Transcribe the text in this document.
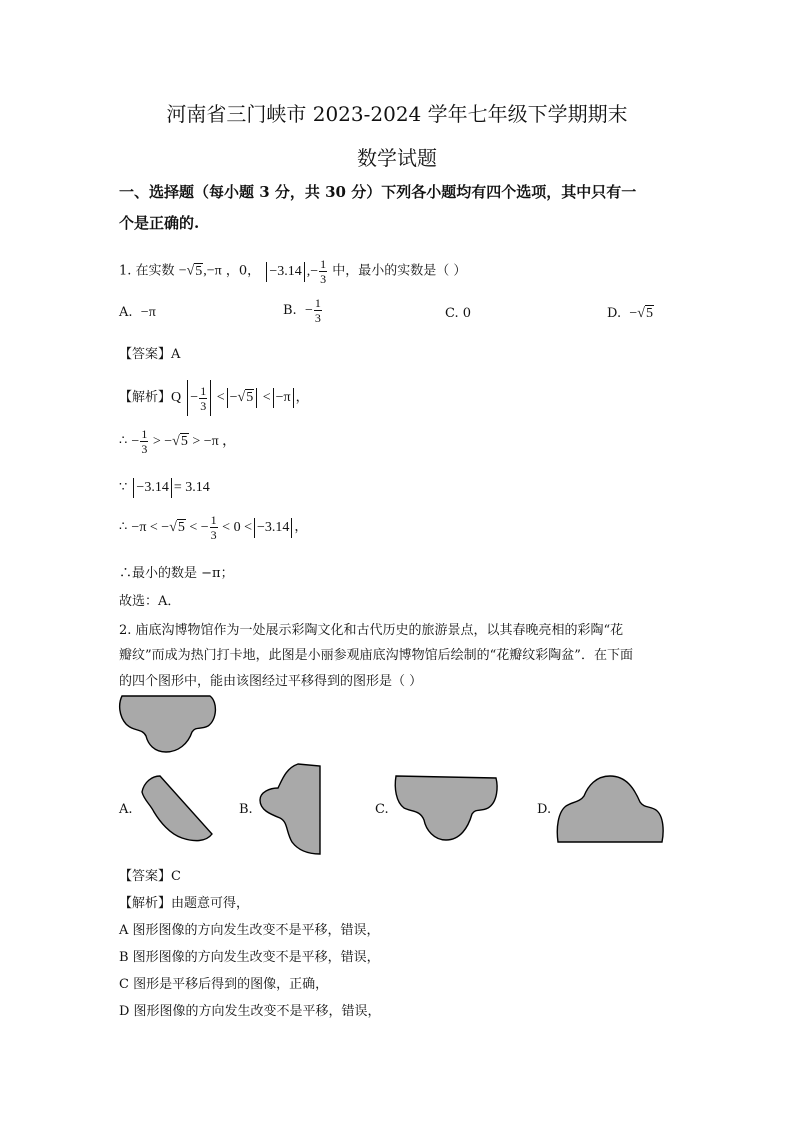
河南省三门峡市 2023-2024 学年七年级下学期期末
数学试题
一、选择题（每小题 3 分，共 30 分）下列各小题均有四个选项，其中只有一
个是正确的.
1. 在实数 −√5,−π ，0， −3.14 ,− $\frac{1}{3}$ 中，最小的实数是（ ）
A. −π	B. − $\frac{1}{3}$	C. 0	D. −√5
【答案】A
【解析】$Q - \frac{1}{3} < -√5 < -\pi$ ，
∴ − $\frac{1}{3} > -√5 > -\pi$ ，
∵ −3.14 = 3.14
∴ −π < −√5 < − $\frac{1}{3} < 0 < -3.14$ ，
∴最小的数是 −π；
故选：A．
2. 庙底沟博物馆作为一处展示彩陶文化和古代历史的旅游景点，以其春晚亮相的彩陶“花
瓣纹”而成为热门打卡地，此图是小丽参观庙底沟博物馆后绘制的“花瓣纹彩陶盆”．在下面
的四个图形中，能由该图经过平移得到的图形是（ ）
A.	B.	C.	D.
【答案】C
【解析】由题意可得，
A 图形图像的方向发生改变不是平移，错误，
B 图形图像的方向发生改变不是平移，错误，
C 图形是平移后得到的图像，正确，
D 图形图像的方向发生改变不是平移，错误，
